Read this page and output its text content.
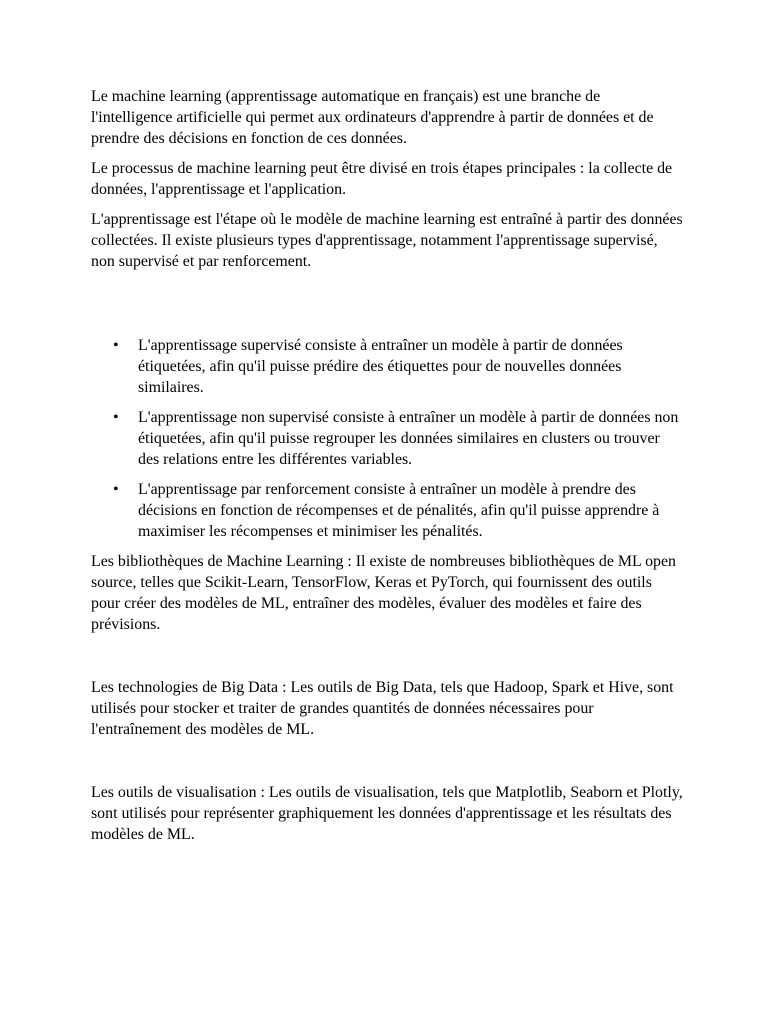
Le machine learning (apprentissage automatique en français) est une branche de l'intelligence artificielle qui permet aux ordinateurs d'apprendre à partir de données et de prendre des décisions en fonction de ces données.

Le processus de machine learning peut être divisé en trois étapes principales : la collecte de données, l'apprentissage et l'application.

L'apprentissage est l'étape où le modèle de machine learning est entraîné à partir des données collectées. Il existe plusieurs types d'apprentissage, notamment l'apprentissage supervisé, non supervisé et par renforcement.

• L'apprentissage supervisé consiste à entraîner un modèle à partir de données étiquetées, afin qu'il puisse prédire des étiquettes pour de nouvelles données similaires.
• L'apprentissage non supervisé consiste à entraîner un modèle à partir de données non étiquetées, afin qu'il puisse regrouper les données similaires en clusters ou trouver des relations entre les différentes variables.
• L'apprentissage par renforcement consiste à entraîner un modèle à prendre des décisions en fonction de récompenses et de pénalités, afin qu'il puisse apprendre à maximiser les récompenses et minimiser les pénalités.

Les bibliothèques de Machine Learning : Il existe de nombreuses bibliothèques de ML open source, telles que Scikit-Learn, TensorFlow, Keras et PyTorch, qui fournissent des outils pour créer des modèles de ML, entraîner des modèles, évaluer des modèles et faire des prévisions.

Les technologies de Big Data : Les outils de Big Data, tels que Hadoop, Spark et Hive, sont utilisés pour stocker et traiter de grandes quantités de données nécessaires pour l'entraînement des modèles de ML.

Les outils de visualisation : Les outils de visualisation, tels que Matplotlib, Seaborn et Plotly, sont utilisés pour représenter graphiquement les données d'apprentissage et les résultats des modèles de ML.
